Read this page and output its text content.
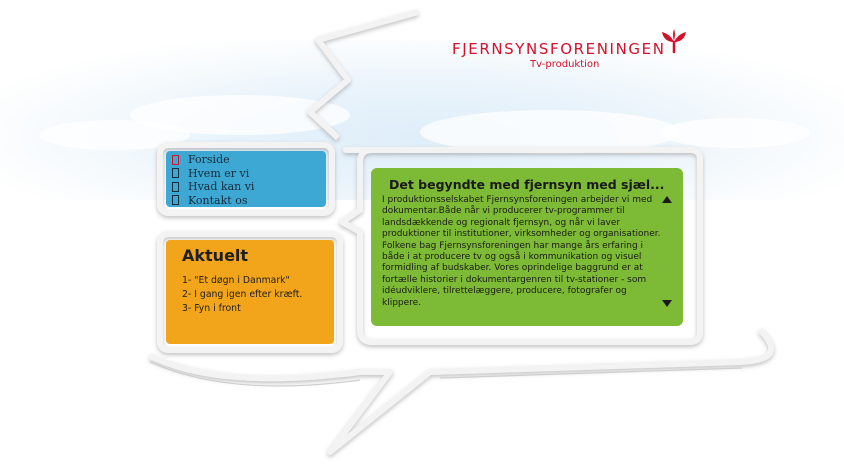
FJERNSYNSFORENINGEN
Tv-produktion
Forside
Hvem er vi
Hvad kan vi
Kontakt os
Aktuelt
1- "Et døgn i Danmark"
2- I gang igen efter kræft.
3- Fyn i front
Det begyndte med fjernsyn med sjæl...

I produktionsselskabet Fjernsynsforeningen arbejder vi med dokumentar.Både når vi producerer tv-programmer til landsdækkende og regionalt fjernsyn, og når vi laver produktioner til institutioner, virksomheder og organisationer. Folkene bag Fjernsynsforeningen har mange års erfaring i både i at producere tv og også i kommunikation og visuel formidling af budskaber. Vores oprindelige baggrund er at fortælle historier i dokumentargenren til tv-stationer - som idéudviklere, tilrettelæggere, producere, fotografer og klippere.
